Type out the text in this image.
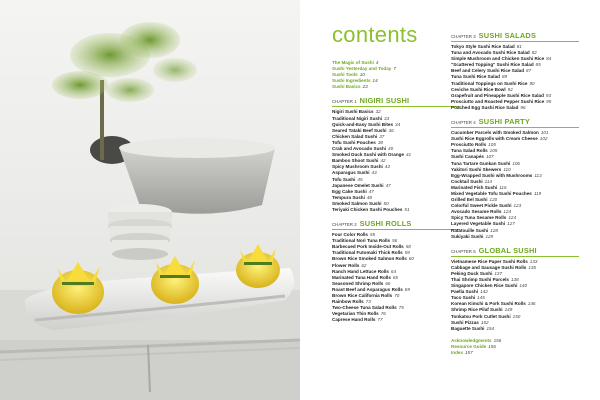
contents
The Magic of Sushi 4
Sushi Yesterday and Today 7
Sushi Tools 10
Sushi Ingredients 14
Sushi Basics 23
CHAPTER 1 NIGIRI SUSHI
Nigiri Sushi Basics 32
Traditional Nigiri Sushi 33
Quick-and-Easy Sushi Bites 34
Seared Tataki Beef Sushi 36
Chicken Salad Sushi 37
Tofu Sushi Pouches 38
Crab and Avocado Sushi 40
Smoked Duck Sushi with Orange 41
Bamboo Shoot Sushi 42
Spicy Mushroom Sushi 43
Asparagus Sushi 43
Tofu Sushi 45
Japanese Omelet Sushi 47
Egg Cake Sushi 47
Tempura Sushi 48
Smoked Salmon Sushi 50
Teriyaki Chicken Sushi Pouches 51
CHAPTER 2 SUSHI ROLLS
Four Color Rolls 55
Traditional Nori Tuna Rolls 56
Barbecued Pork Inside-Out Rolls 58
Traditional Futomaki Thick Rolls 59
Brown Rice Smoked Salmon Rolls 60
Flower Rolls 62
Ranch Hand Lettuce Rolls 64
Marinated Tuna Hand Rolls 65
Seasoned Shrimp Rolls 66
Roast Beef and Asparagus Rolls 69
Brown Rice California Rolls 70
Rainbow Rolls 73
Two-Cheese Tuna Salad Rolls 75
Vegetarian Thin Rolls 76
Caprese Hand Rolls 77
CHAPTER 3 SUSHI SALADS
Tokyo Style Sushi Rice Salad 81
Tuna and Avocado Sushi Rice Salad 82
Simple Mushroom and Chicken Sushi Rice 84
"Scattered Topping" Sushi Rice Salad 85
Beef and Celery Sushi Rice Salad 87
Tuna Sushi Rice Salad 89
Traditional Toppings on Sushi Rice 90
Ceviche Sushi Rice Bowl 92
Grapefruit and Pineapple Sushi Rice Salad 93
Prosciutto and Roasted Pepper Sushi Rice 95
Poached Egg Sushi Rice Salad 96
CHAPTER 4 SUSHI PARTY
Cucumber Parcels with Smoked Salmon 101
Sushi Rice Eggrolls with Cream Cheese 102
Prosciutto Rolls 105
Tuna Salad Rolls 105
Sushi Canapés 107
Tuna Tartare Gunkan Sushi 106
Yakitori Sushi Skewers 110
Egg-Wrapped Sushi with Mushrooms 113
Cocktail Sushi 114
Marinated Fish Sushi 116
Mixed Vegetable Tofu Sushi Pouches 119
Grilled Eel Sushi 120
Colorful Sweet Pickle Sushi 123
Avocado Sesame Rolls 124
Spicy Tuna Sesame Rolls 124
Layered Vegetable Sushi 127
Ratatouille Sushi 128
Sukiyaki Sushi 129
CHAPTER 5 GLOBAL SUSHI
Vietnamese Rice Paper Sushi Rolls 133
Cabbage and Sausage Sushi Rolls 135
Peking Duck Sushi 137
Thai Shrimp Sushi Parcels 138
Singapore Chicken Rice Sushi 140
Paella Sushi 142
Taco Sushi 145
Korean Kimchi & Pork Sushi Rolls 146
Shrimp Rice Pilaf Sushi 149
Tonkatsu Pork Cutlet Sushi 150
Sushi Pizzas 152
Baguette Sushi 154
Acknowledgments 156
Resource Guide 156
Index 157
